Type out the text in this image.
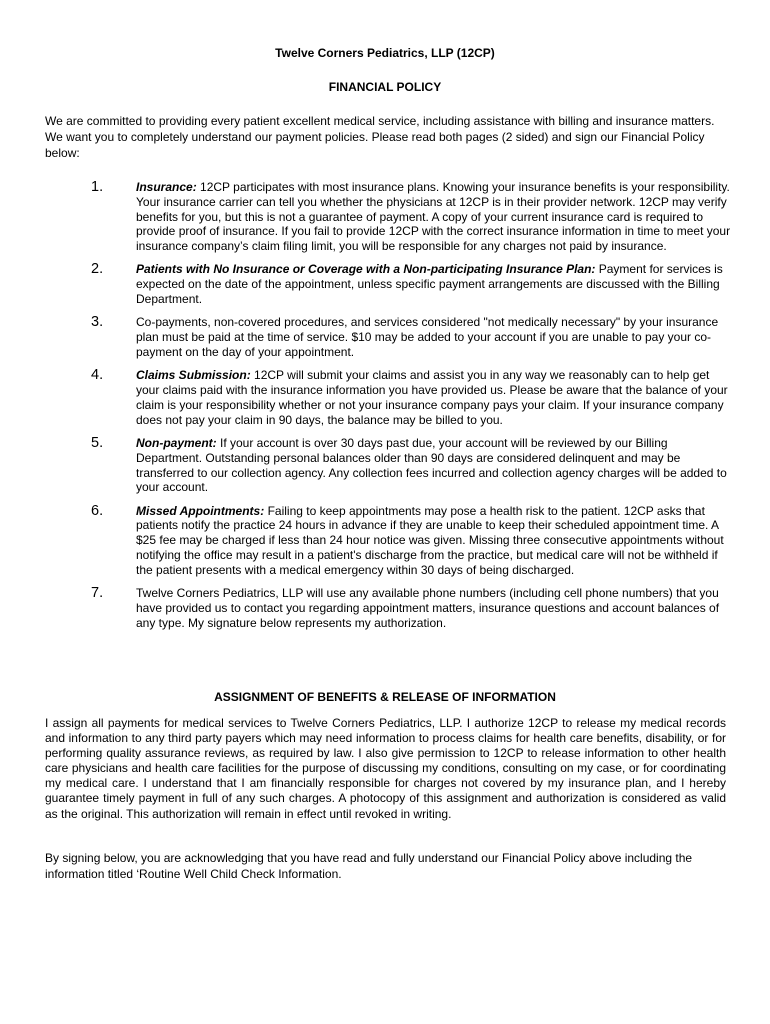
Twelve Corners Pediatrics, LLP (12CP)
FINANCIAL POLICY

We are committed to providing every patient excellent medical service, including assistance with billing and insurance matters. We want you to completely understand our payment policies. Please read both pages (2 sided) and sign our Financial Policy below:

1.	Insurance: 12CP participates with most insurance plans. Knowing your insurance benefits is your responsibility. Your insurance carrier can tell you whether the physicians at 12CP is in their provider network. 12CP may verify benefits for you, but this is not a guarantee of payment. A copy of your current insurance card is required to provide proof of insurance. If you fail to provide 12CP with the correct insurance information in time to meet your insurance company’s claim filing limit, you will be responsible for any charges not paid by insurance.
2.	Patients with No Insurance or Coverage with a Non-participating Insurance Plan: Payment for services is expected on the date of the appointment, unless specific payment arrangements are discussed with the Billing Department.
3.	Co-payments, non-covered procedures, and services considered "not medically necessary" by your insurance plan must be paid at the time of service. $10 may be added to your account if you are unable to pay your co-payment on the day of your appointment.
4.	Claims Submission: 12CP will submit your claims and assist you in any way we reasonably can to help get your claims paid with the insurance information you have provided us. Please be aware that the balance of your claim is your responsibility whether or not your insurance company pays your claim. If your insurance company does not pay your claim in 90 days, the balance may be billed to you.
5.	Non-payment: If your account is over 30 days past due, your account will be reviewed by our Billing Department. Outstanding personal balances older than 90 days are considered delinquent and may be transferred to our collection agency. Any collection fees incurred and collection agency charges will be added to your account.
6.	Missed Appointments: Failing to keep appointments may pose a health risk to the patient. 12CP asks that patients notify the practice 24 hours in advance if they are unable to keep their scheduled appointment time. A $25 fee may be charged if less than 24 hour notice was given. Missing three consecutive appointments without notifying the office may result in a patient's discharge from the practice, but medical care will not be withheld if the patient presents with a medical emergency within 30 days of being discharged.
7.	Twelve Corners Pediatrics, LLP will use any available phone numbers (including cell phone numbers) that you have provided us to contact you regarding appointment matters, insurance questions and account balances of any type. My signature below represents my authorization.
ASSIGNMENT OF BENEFITS & RELEASE OF INFORMATION

I assign all payments for medical services to Twelve Corners Pediatrics, LLP. I authorize 12CP to release my medical records and information to any third party payers which may need information to process claims for health care benefits, disability, or for performing quality assurance reviews, as required by law. I also give permission to 12CP to release information to other health care physicians and health care facilities for the purpose of discussing my conditions, consulting on my case, or for coordinating my medical care. I understand that I am financially responsible for charges not covered by my insurance plan, and I hereby guarantee timely payment in full of any such charges. A photocopy of this assignment and authorization is considered as valid as the original. This authorization will remain in effect until revoked in writing.

By signing below, you are acknowledging that you have read and fully understand our Financial Policy above including the information titled ‘Routine Well Child Check Information.
